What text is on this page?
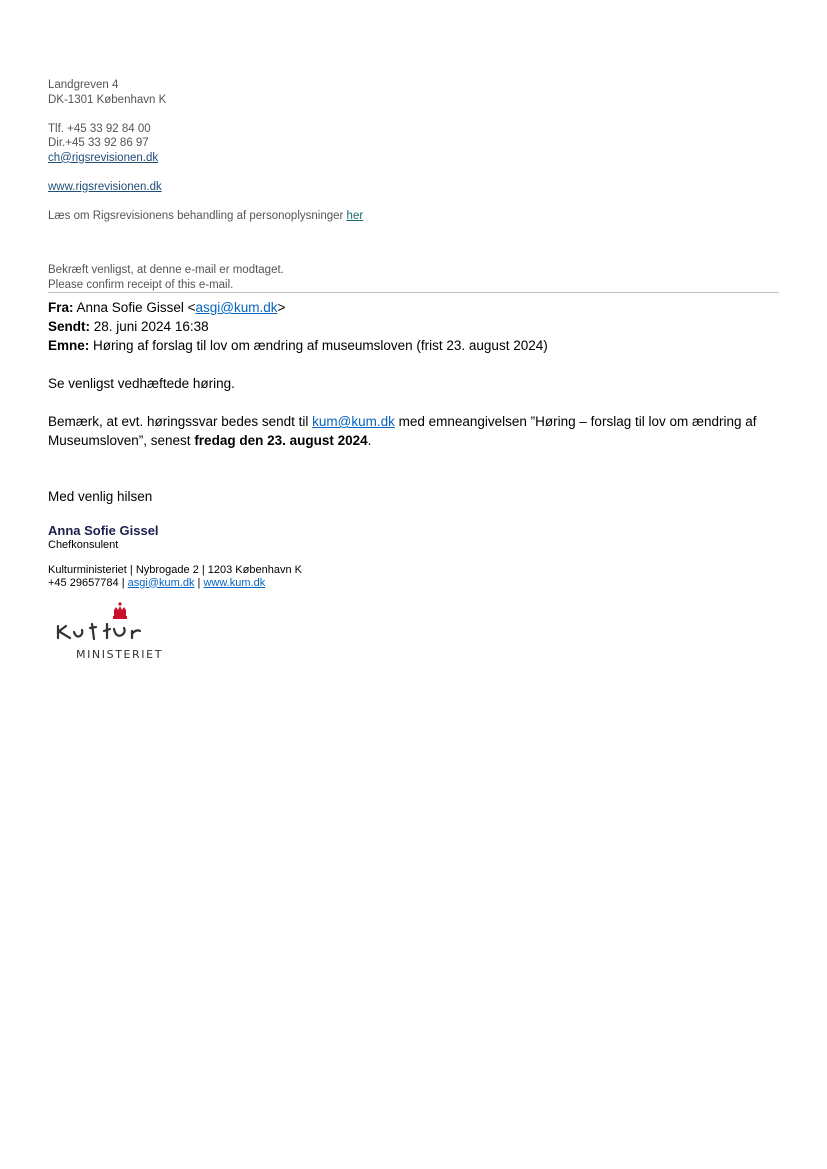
Landgreven 4
DK-1301 København K
Tlf. +45 33 92 84 00
Dir.+45 33 92 86 97
ch@rigsrevisionen.dk
www.rigsrevisionen.dk
Læs om Rigsrevisionens behandling af personoplysninger her
Bekræft venligst, at denne e-mail er modtaget.
Please confirm receipt of this e-mail.
Fra: Anna Sofie Gissel <asgi@kum.dk>
Sendt: 28. juni 2024 16:38
Emne: Høring af forslag til lov om ændring af museumsloven (frist 23. august 2024)
Se venligst vedhæftede høring.
Bemærk, at evt. høringssvar bedes sendt til kum@kum.dk med emneangivelsen ”Høring – forslag til lov om ændring af Museumsloven”, senest fredag den 23. august 2024.
Med venlig hilsen
Anna Sofie Gissel
Chefkonsulent
Kulturministeriet | Nybrogade 2 | 1203 København K
+45 29657784 | asgi@kum.dk | www.kum.dk
MINISTERIET
